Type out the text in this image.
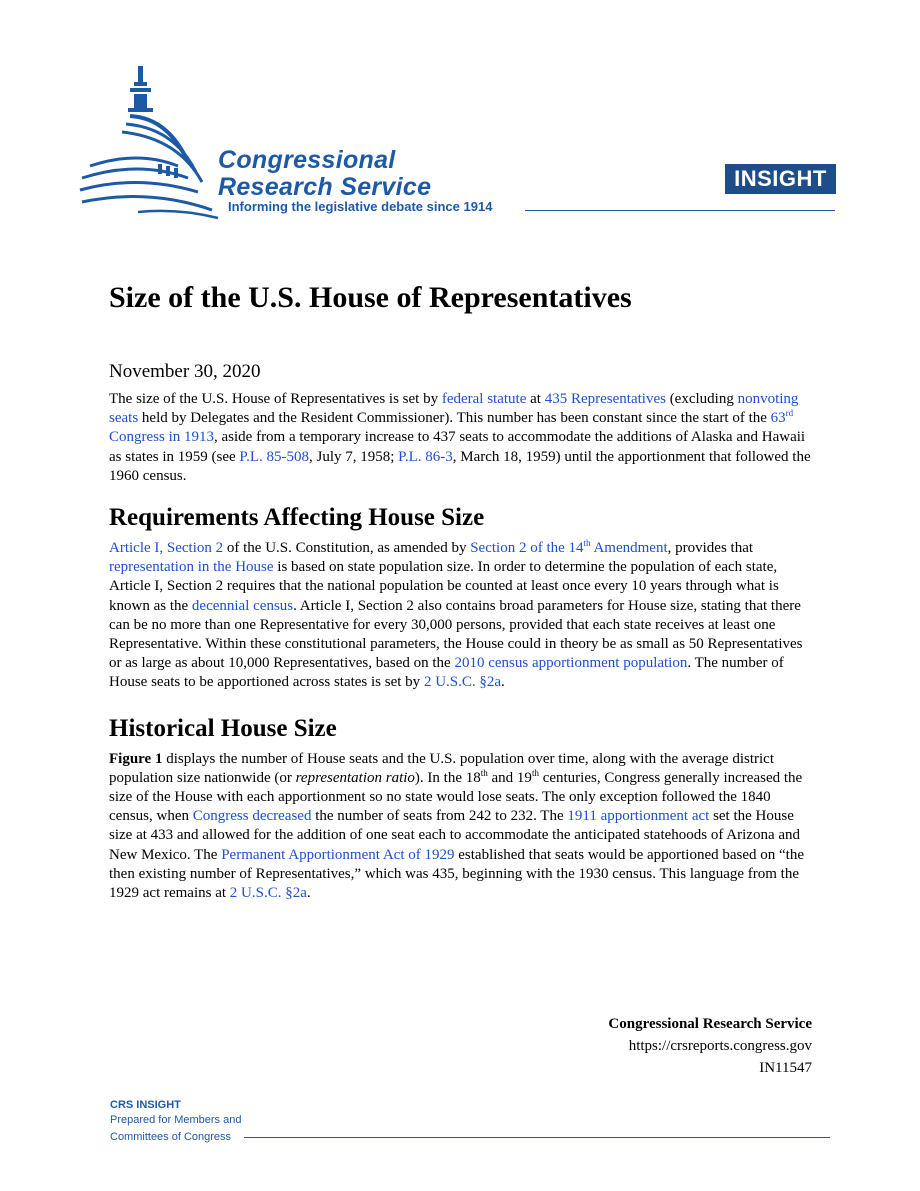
Congressional
Research Service
Informing the legislative debate since 1914
INSIGHT
Size of the U.S. House of Representatives
November 30, 2020

The size of the U.S. House of Representatives is set by federal statute at 435 Representatives (excluding nonvoting seats held by Delegates and the Resident Commissioner). This number has been constant since the start of the 63rd Congress in 1913, aside from a temporary increase to 437 seats to accommodate the additions of Alaska and Hawaii as states in 1959 (see P.L. 85-508, July 7, 1958; P.L. 86-3, March 18, 1959) until the apportionment that followed the 1960 census.

Requirements Affecting House Size

Article I, Section 2 of the U.S. Constitution, as amended by Section 2 of the 14th Amendment, provides that representation in the House is based on state population size. In order to determine the population of each state, Article I, Section 2 requires that the national population be counted at least once every 10 years through what is known as the decennial census. Article I, Section 2 also contains broad parameters for House size, stating that there can be no more than one Representative for every 30,000 persons, provided that each state receives at least one Representative. Within these constitutional parameters, the House could in theory be as small as 50 Representatives or as large as about 10,000 Representatives, based on the 2010 census apportionment population. The number of House seats to be apportioned across states is set by 2 U.S.C. §2a.

Historical House Size

Figure 1 displays the number of House seats and the U.S. population over time, along with the average district population size nationwide (or representation ratio). In the 18th and 19th centuries, Congress generally increased the size of the House with each apportionment so no state would lose seats. The only exception followed the 1840 census, when Congress decreased the number of seats from 242 to 232. The 1911 apportionment act set the House size at 433 and allowed for the addition of one seat each to accommodate the anticipated statehoods of Arizona and New Mexico. The Permanent Apportionment Act of 1929 established that seats would be apportioned based on “the then existing number of Representatives,” which was 435, beginning with the 1930 census. This language from the 1929 act remains at 2 U.S.C. §2a.

Congressional Research Service
https://crsreports.congress.gov
IN11547
CRS INSIGHT
Prepared for Members and
Committees of Congress
